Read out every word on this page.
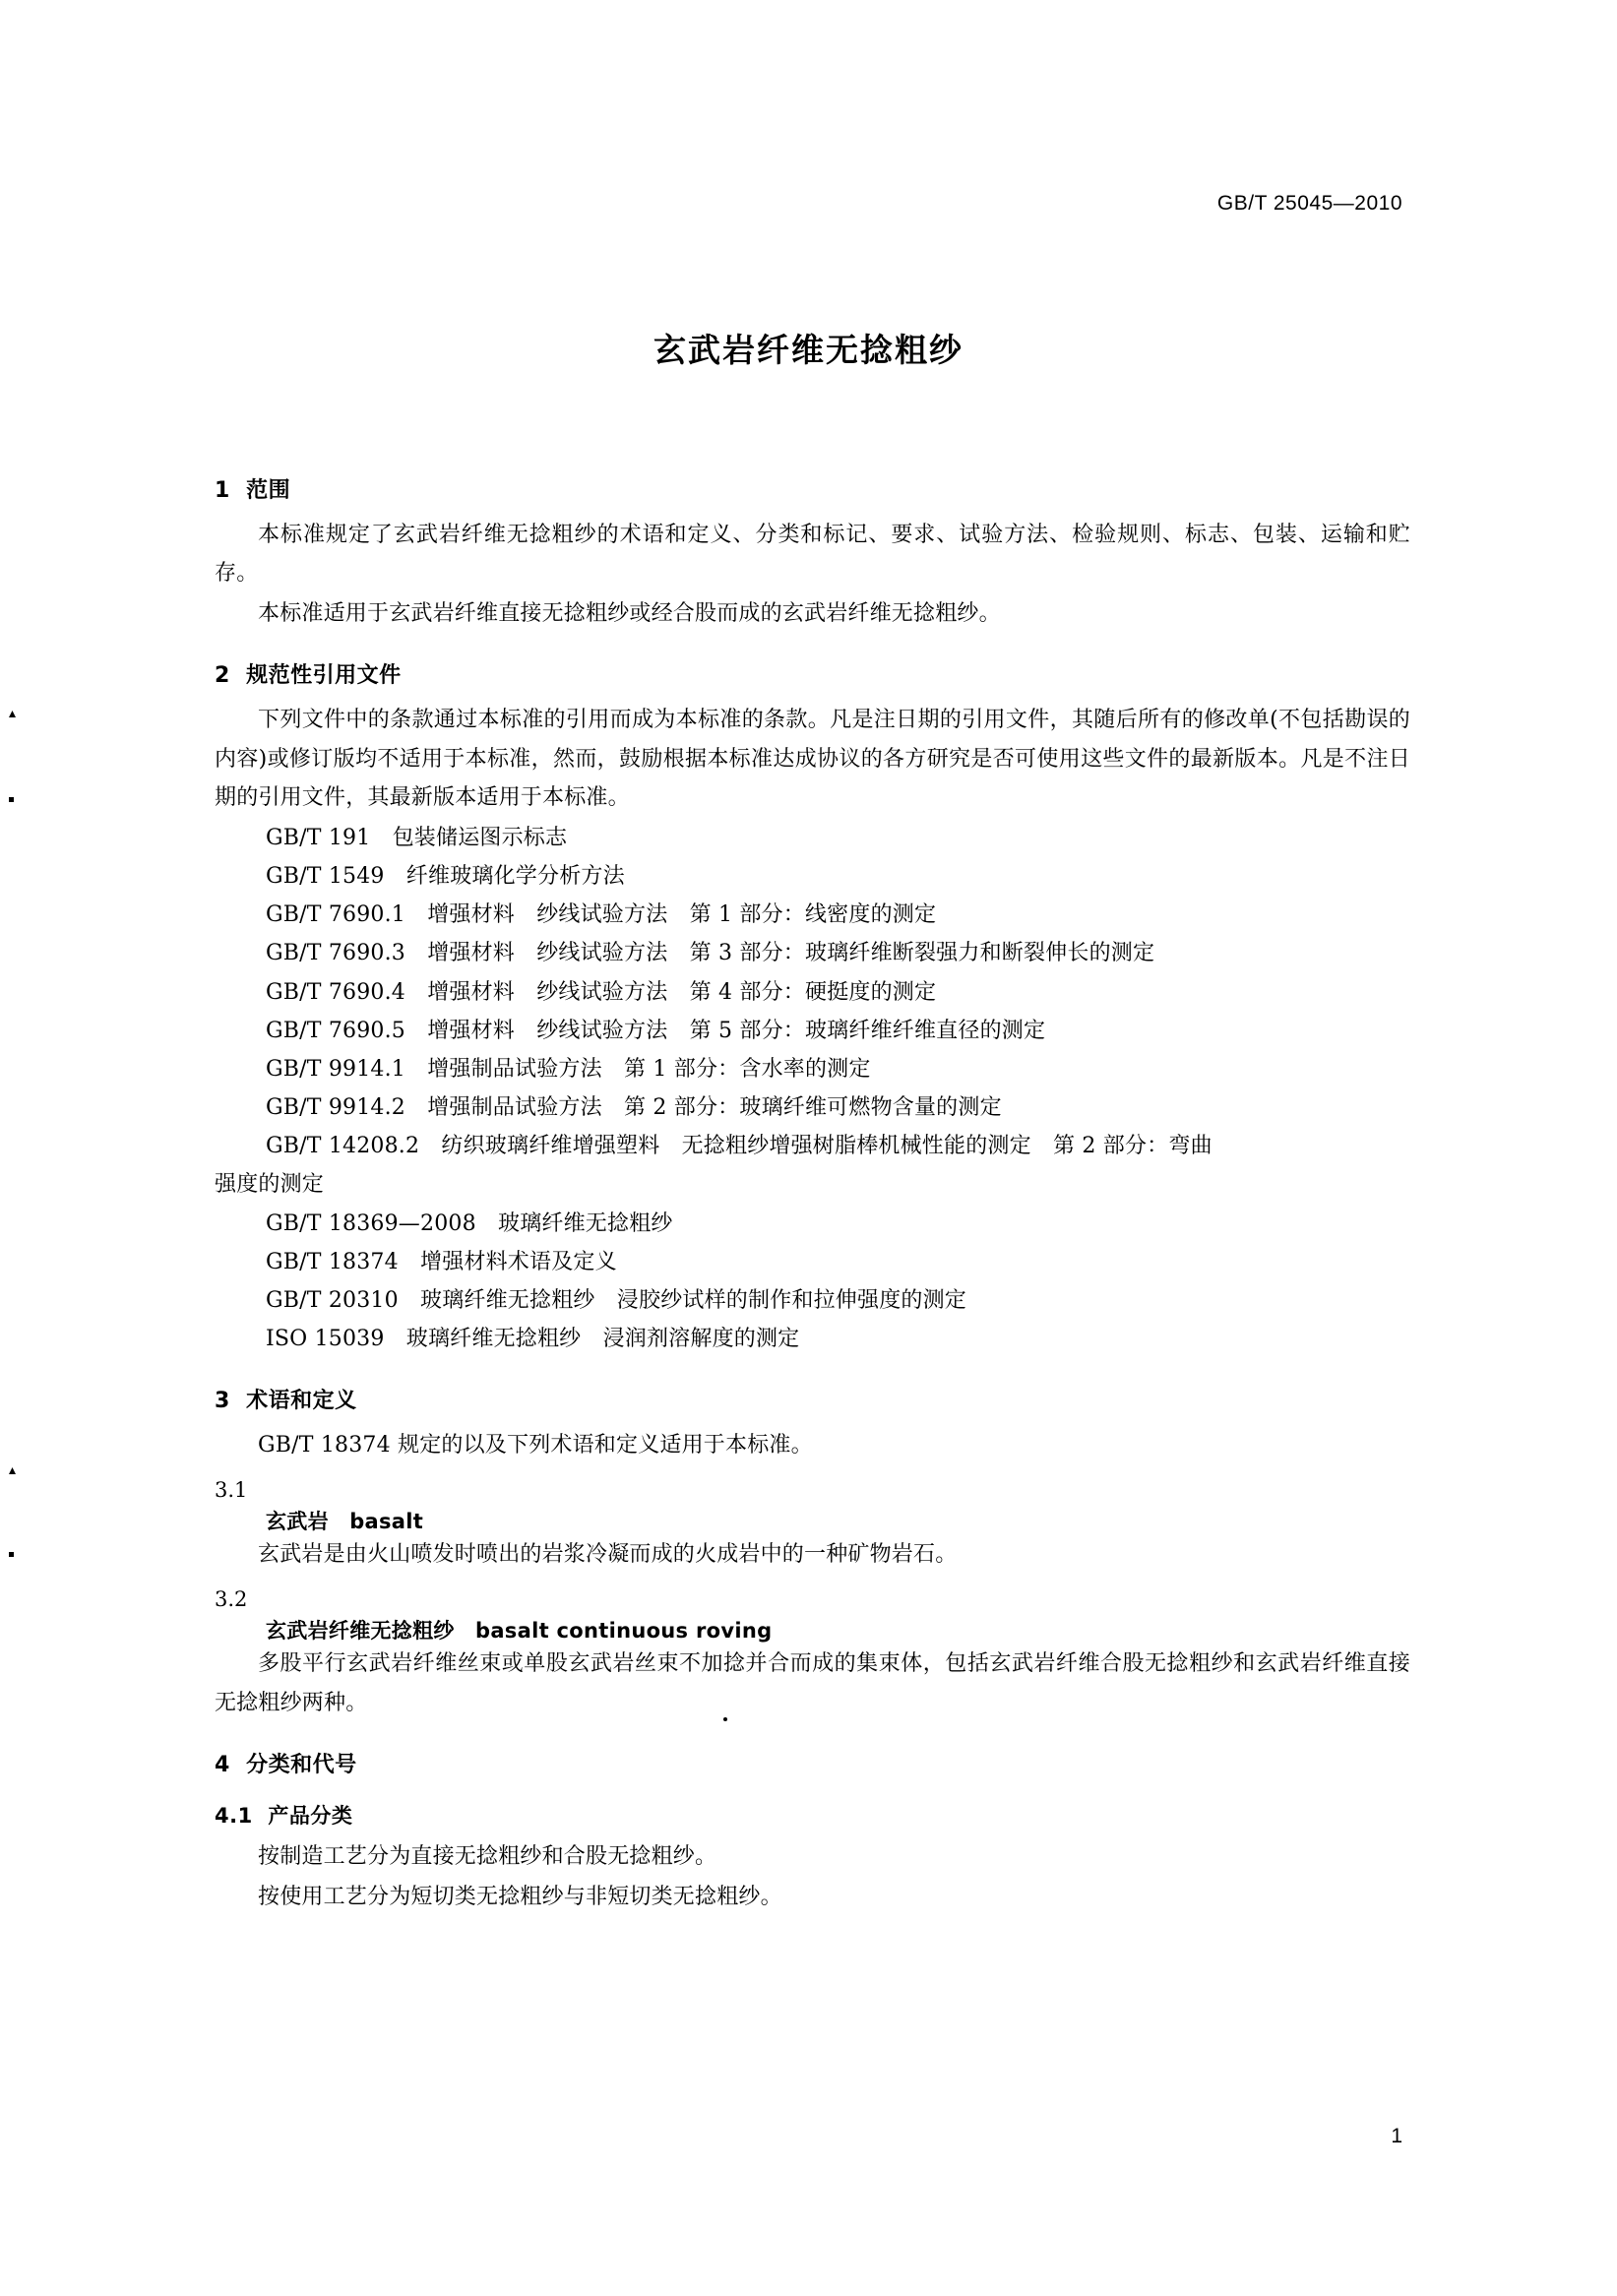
GB/T 25045—2010
玄武岩纤维无捻粗纱
1 范围

本标准规定了玄武岩纤维无捻粗纱的术语和定义、分类和标记、要求、试验方法、检验规则、标志、包装、运输和贮存。

本标准适用于玄武岩纤维直接无捻粗纱或经合股而成的玄武岩纤维无捻粗纱。

2 规范性引用文件

下列文件中的条款通过本标准的引用而成为本标准的条款。凡是注日期的引用文件，其随后所有的修改单(不包括勘误的内容)或修订版均不适用于本标准，然而，鼓励根据本标准达成协议的各方研究是否可使用这些文件的最新版本。凡是不注日期的引用文件，其最新版本适用于本标准。

GB/T 191　包装储运图示标志

GB/T 1549　纤维玻璃化学分析方法

GB/T 7690.1　增强材料　纱线试验方法　第 1 部分：线密度的测定

GB/T 7690.3　增强材料　纱线试验方法　第 3 部分：玻璃纤维断裂强力和断裂伸长的测定

GB/T 7690.4　增强材料　纱线试验方法　第 4 部分：硬挺度的测定

GB/T 7690.5　增强材料　纱线试验方法　第 5 部分：玻璃纤维纤维直径的测定

GB/T 9914.1　增强制品试验方法　第 1 部分：含水率的测定

GB/T 9914.2　增强制品试验方法　第 2 部分：玻璃纤维可燃物含量的测定

GB/T 14208.2　纺织玻璃纤维增强塑料　无捻粗纱增强树脂棒机械性能的测定　第 2 部分：弯曲

强度的测定

GB/T 18369—2008　玻璃纤维无捻粗纱

GB/T 18374　增强材料术语及定义

GB/T 20310　玻璃纤维无捻粗纱　浸胶纱试样的制作和拉伸强度的测定

ISO 15039　玻璃纤维无捻粗纱　浸润剂溶解度的测定

3 术语和定义

GB/T 18374 规定的以及下列术语和定义适用于本标准。

3.1
玄武岩　basalt

玄武岩是由火山喷发时喷出的岩浆冷凝而成的火成岩中的一种矿物岩石。

3.2
玄武岩纤维无捻粗纱　basalt continuous roving

多股平行玄武岩纤维丝束或单股玄武岩丝束不加捻并合而成的集束体，包括玄武岩纤维合股无捻粗纱和玄武岩纤维直接无捻粗纱两种。

4 分类和代号
4.1 产品分类

按制造工艺分为直接无捻粗纱和合股无捻粗纱。

按使用工艺分为短切类无捻粗纱与非短切类无捻粗纱。

1
